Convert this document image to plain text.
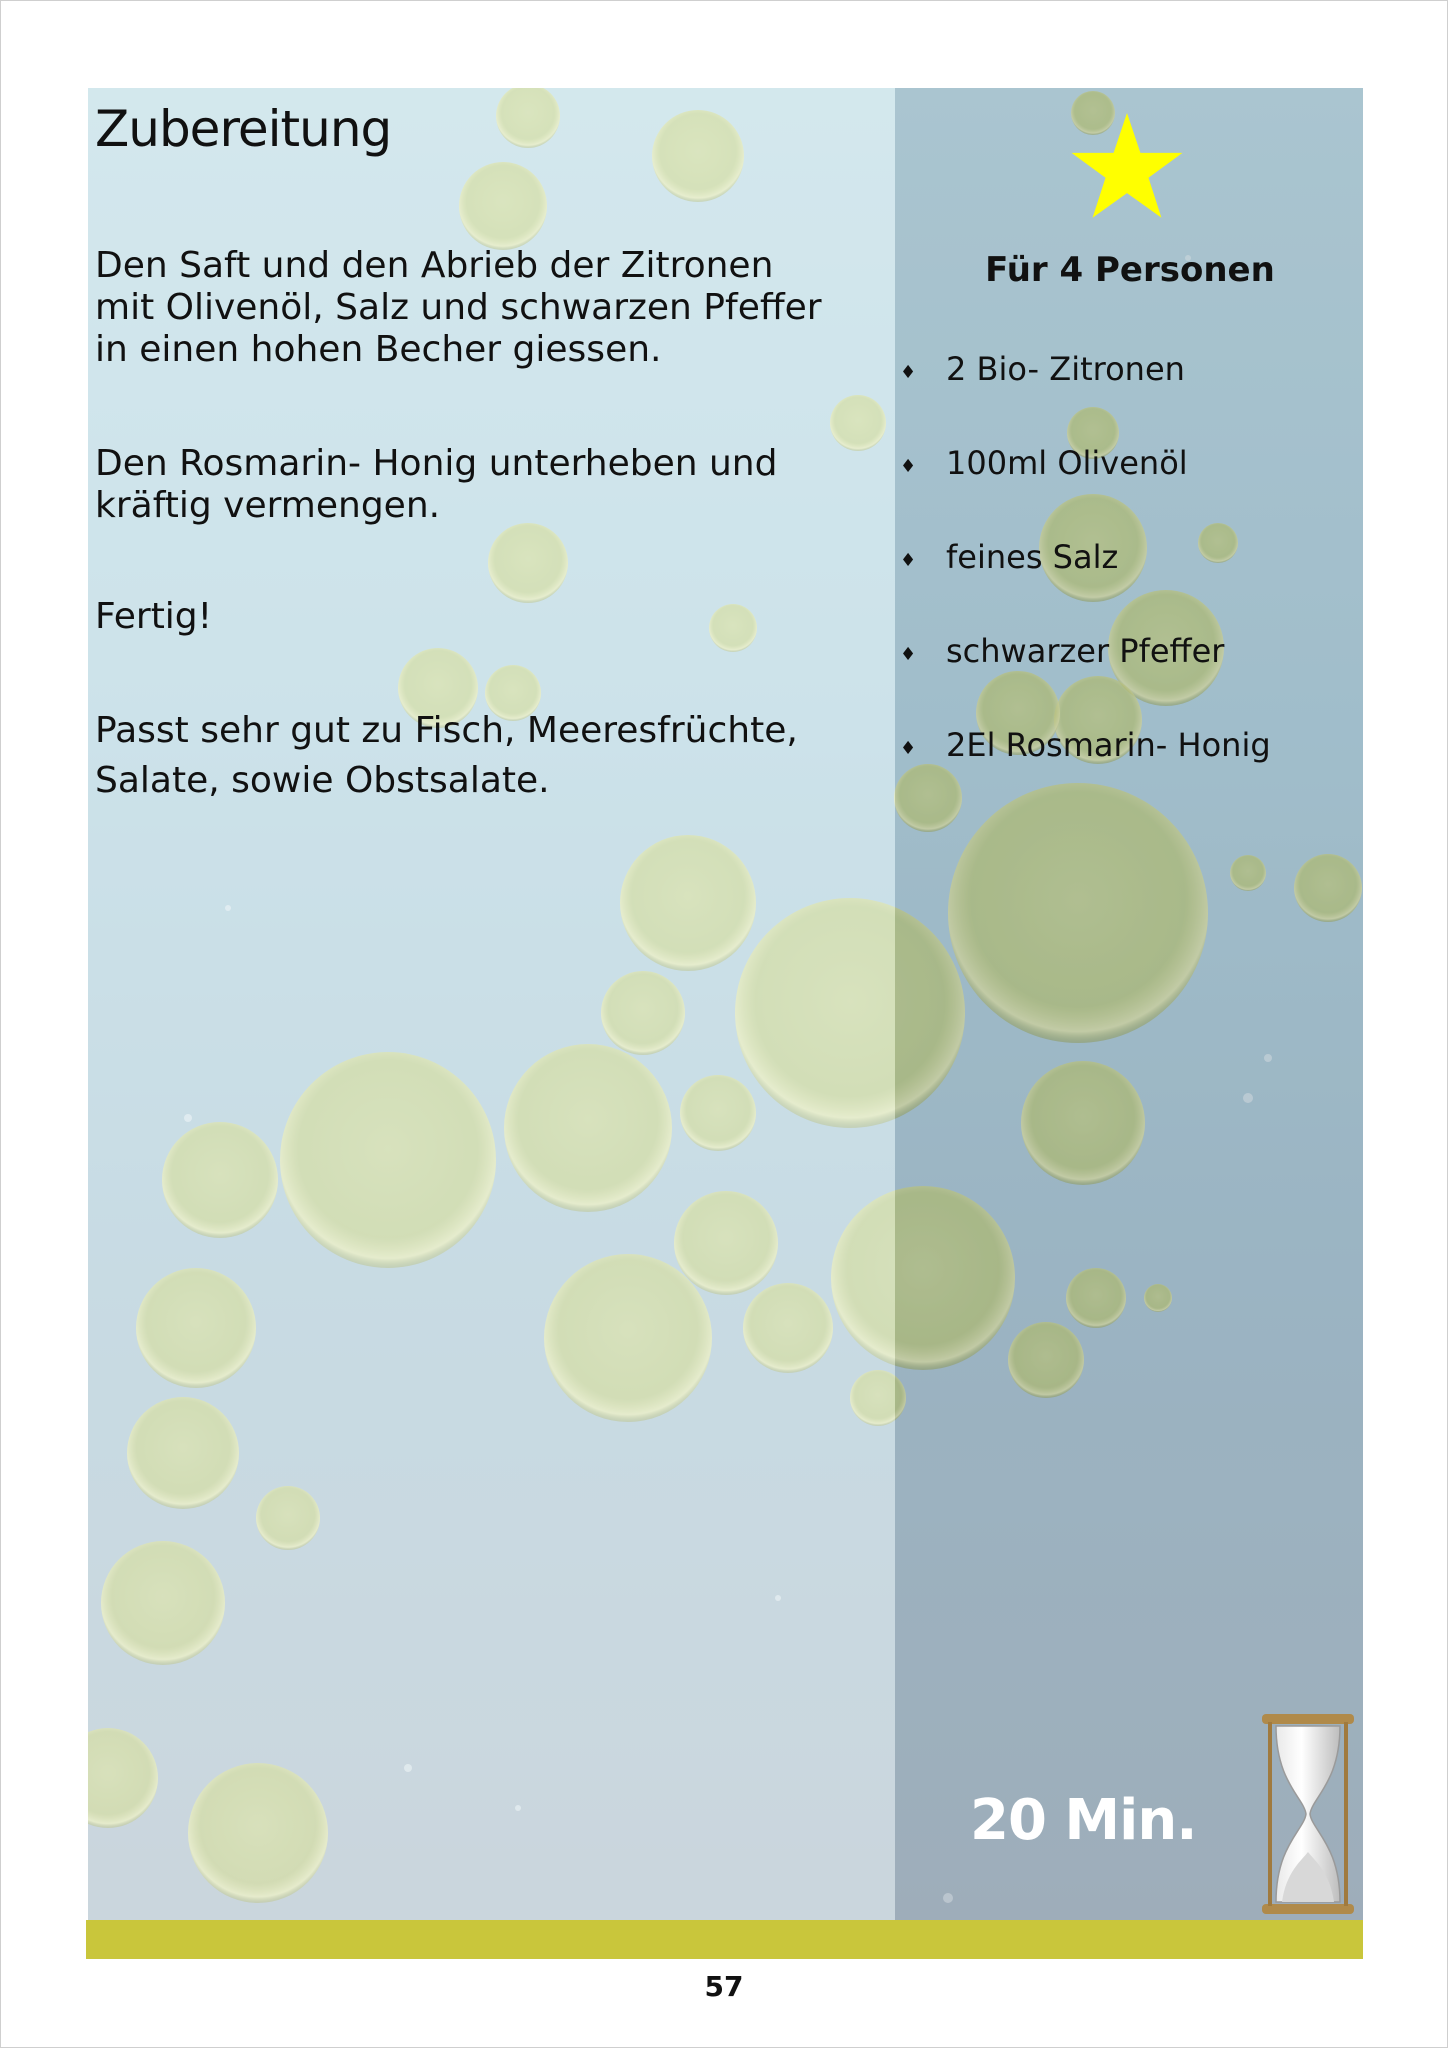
57
Zubereitung
Den Saft und den Abrieb der Zitronen
mit Olivenöl, Salz und schwarzen Pfeffer
in einen hohen Becher giessen.
Den Rosmarin- Honig unterheben und
kräftig vermengen.
Fertig!
Passt sehr gut zu Fisch, Meeresfrüchte,
Salate, sowie Obstsalate.
Für 4 Personen
♦ 2 Bio- Zitronen
♦ 100ml Olivenöl
♦ feines Salz
♦ schwarzer Pfeffer
♦ 2El Rosmarin- Honig
20 Min.
